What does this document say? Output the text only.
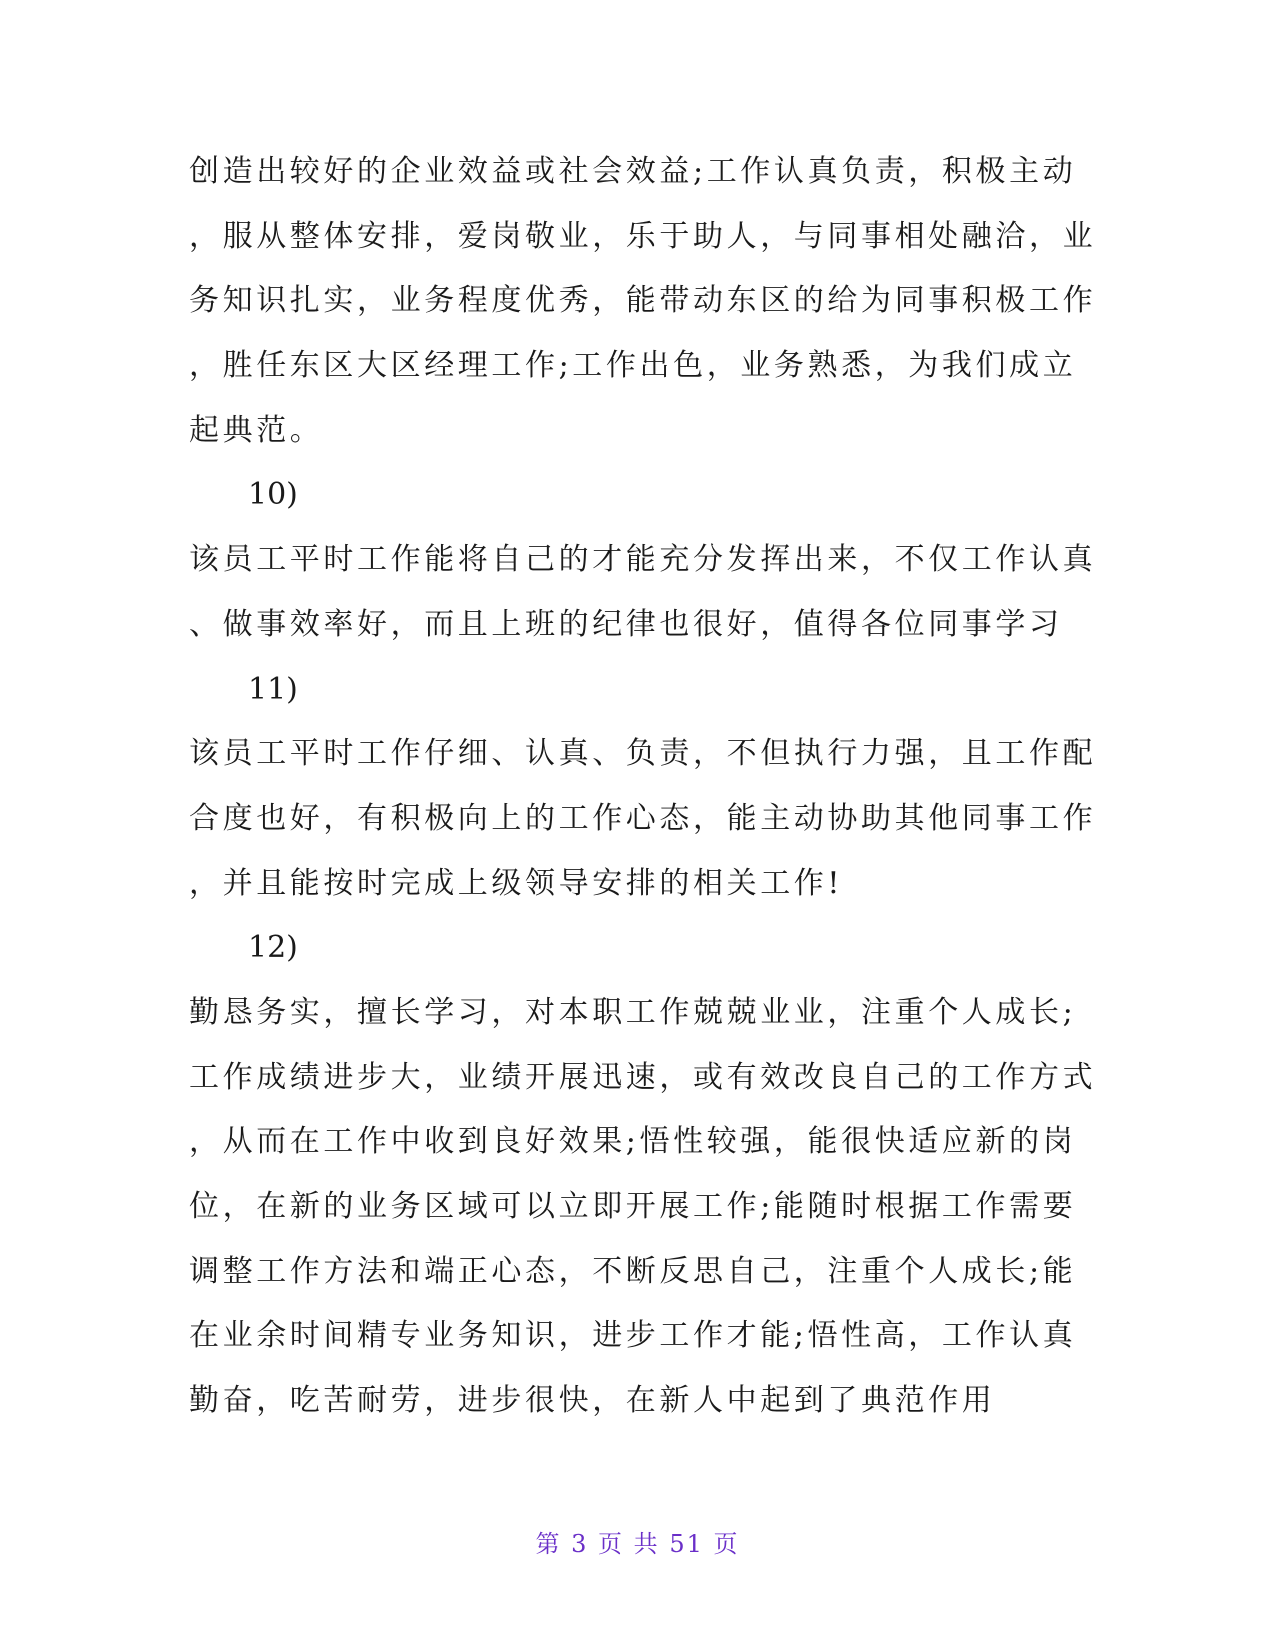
创造出较好的企业效益或社会效益;工作认真负责，积极主动
，服从整体安排，爱岗敬业，乐于助人，与同事相处融洽，业
务知识扎实，业务程度优秀，能带动东区的给为同事积极工作
，胜任东区大区经理工作;工作出色，业务熟悉，为我们成立
起典范。
10)
该员工平时工作能将自己的才能充分发挥出来，不仅工作认真
、做事效率好，而且上班的纪律也很好，值得各位同事学习
11)
该员工平时工作仔细、认真、负责，不但执行力强，且工作配
合度也好，有积极向上的工作心态，能主动协助其他同事工作
，并且能按时完成上级领导安排的相关工作!
12)
勤恳务实，擅长学习，对本职工作兢兢业业，注重个人成长;
工作成绩进步大，业绩开展迅速，或有效改良自己的工作方式
，从而在工作中收到良好效果;悟性较强，能很快适应新的岗
位，在新的业务区域可以立即开展工作;能随时根据工作需要
调整工作方法和端正心态，不断反思自己，注重个人成长;能
在业余时间精专业务知识，进步工作才能;悟性高，工作认真
勤奋，吃苦耐劳，进步很快，在新人中起到了典范作用
第 3 页 共 51 页
